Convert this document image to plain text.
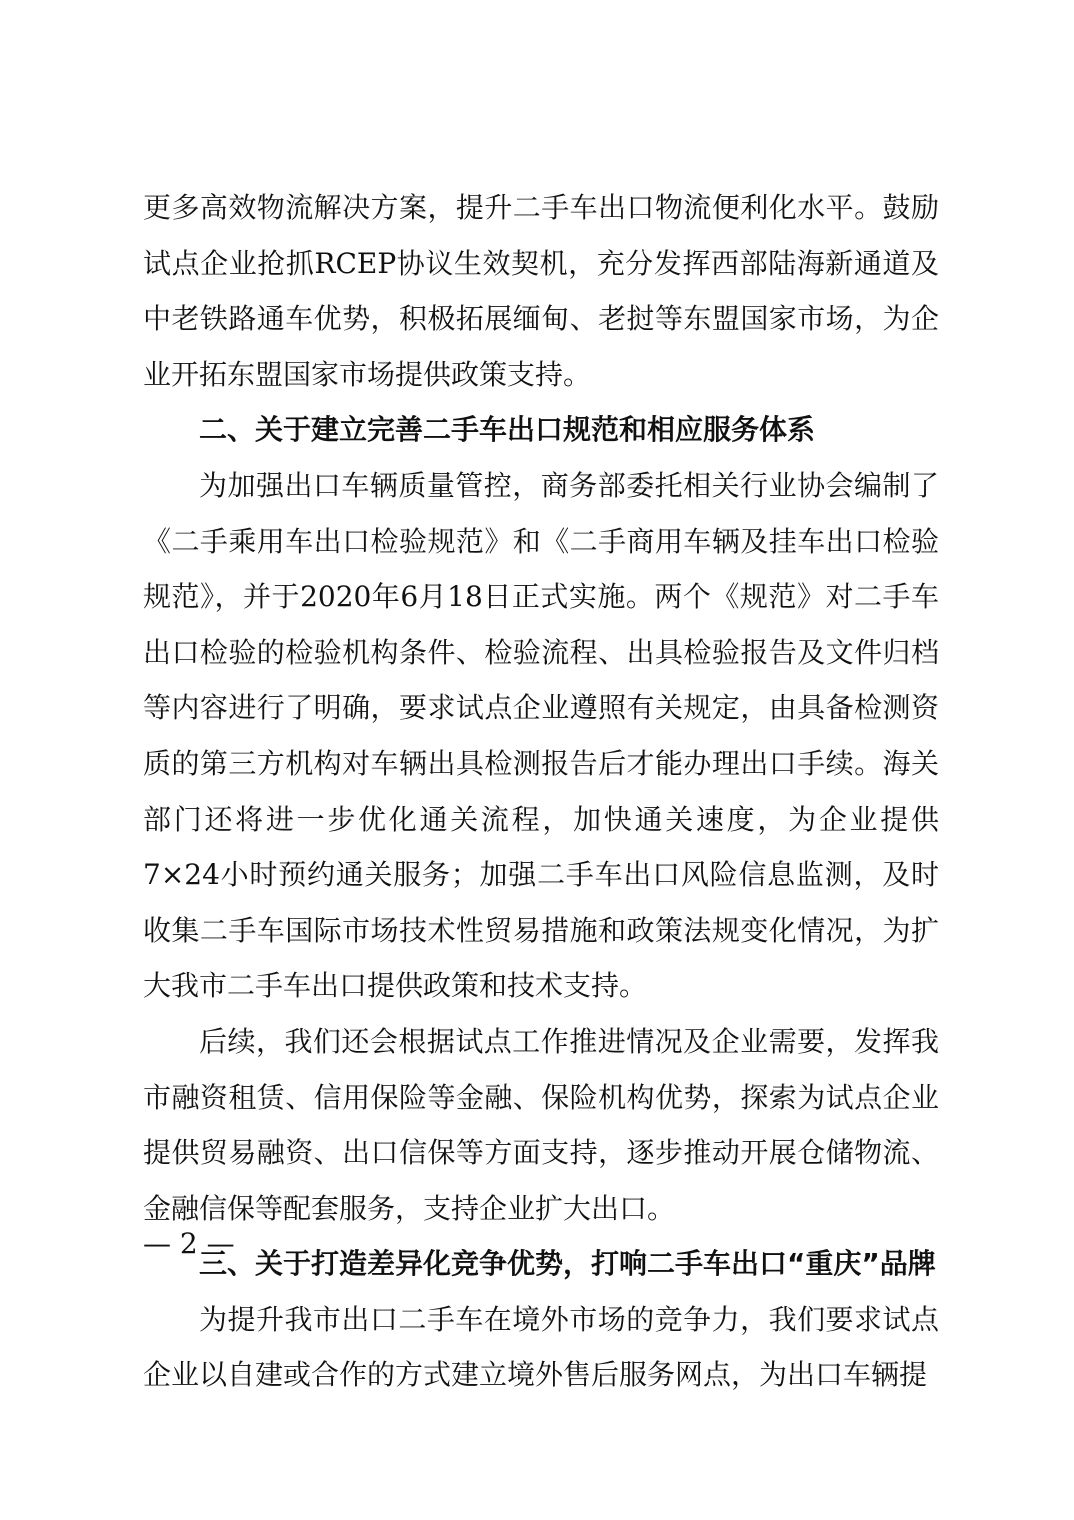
更多高效物流解决方案，提升二手车出口物流便利化水平。鼓励试点企业抢抓RCEP协议生效契机，充分发挥西部陆海新通道及中老铁路通车优势，积极拓展缅甸、老挝等东盟国家市场，为企业开拓东盟国家市场提供政策支持。

二、关于建立完善二手车出口规范和相应服务体系

为加强出口车辆质量管控，商务部委托相关行业协会编制了《二手乘用车出口检验规范》和《二手商用车辆及挂车出口检验规范》，并于2020年6月18日正式实施。两个《规范》对二手车出口检验的检验机构条件、检验流程、出具检验报告及文件归档等内容进行了明确，要求试点企业遵照有关规定，由具备检测资质的第三方机构对车辆出具检测报告后才能办理出口手续。海关部门还将进一步优化通关流程，加快通关速度，为企业提供7×24小时预约通关服务；加强二手车出口风险信息监测，及时收集二手车国际市场技术性贸易措施和政策法规变化情况，为扩大我市二手车出口提供政策和技术支持。

后续，我们还会根据试点工作推进情况及企业需要，发挥我市融资租赁、信用保险等金融、保险机构优势，探索为试点企业提供贸易融资、出口信保等方面支持，逐步推动开展仓储物流、金融信保等配套服务，支持企业扩大出口。

三、关于打造差异化竞争优势，打响二手车出口“重庆”品牌

为提升我市出口二手车在境外市场的竞争力，我们要求试点企业以自建或合作的方式建立境外售后服务网点，为出口车辆提

— 2 —
